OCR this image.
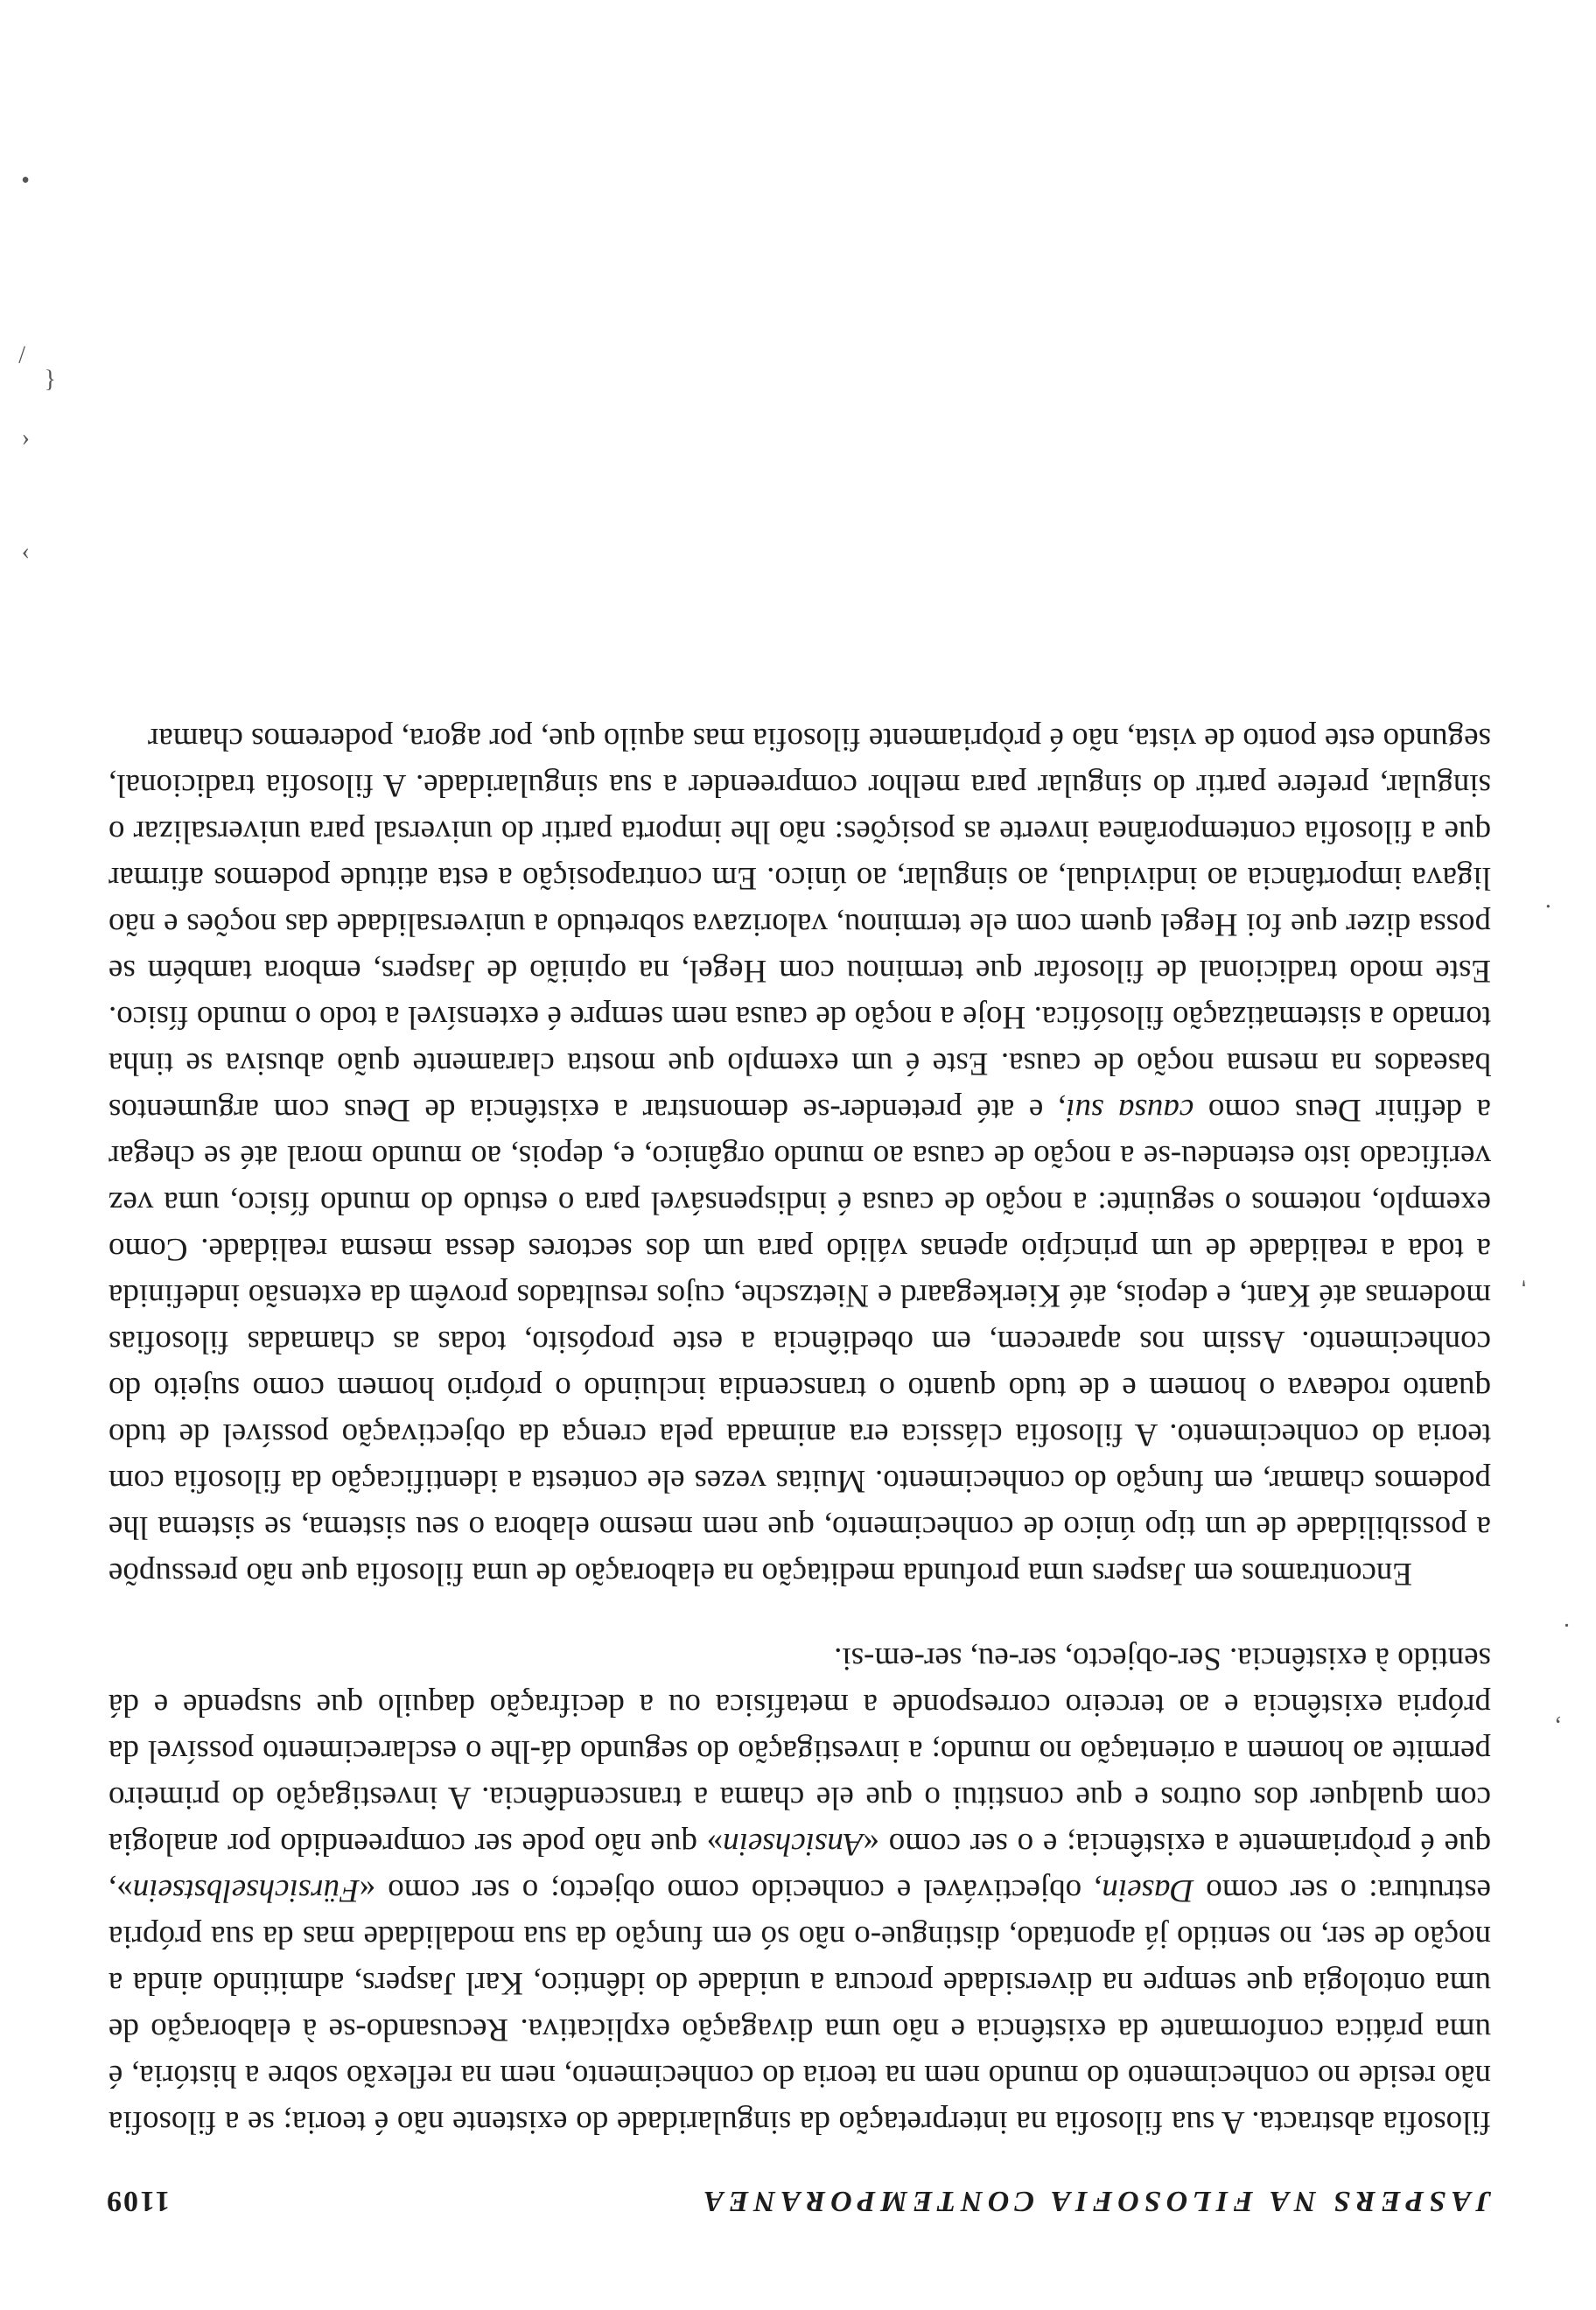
JASPERS NA FILOSOFIA CONTEMPORANEA
1109

filosofia abstracta. A sua filosofia na interpretação da singularidade do existente não é teoria; se a filosofia não reside no conhecimento do mundo nem na teoria do conhecimento, nem na reflexão sobre a história, é uma prática conformante da existência e não uma divagação explicativa. Recusando-se à elaboração de uma ontologia que sempre na diversidade procura a unidade do idêntico, Karl Jaspers, admitindo ainda a noção de ser, no sentido já apontado, distingue-o não só em função da sua modalidade mas da sua própria estrutura: o ser como Dasein, objectivável e conhecido como objecto; o ser como «Fürsichselbstsein», que é pròpriamente a existência; e o ser como «Ansichsein» que não pode ser compreendido por analogia com qualquer dos outros e que constitui o que ele chama a transcendência. A investigação do primeiro permite ao homem a orientação no mundo; a investigação do segundo dá-lhe o esclarecimento possível da própria existência e ao terceiro corresponde a metafísica ou a decifração daquilo que suspende e dá sentido à existência. Ser-objecto, ser-eu, ser-em-si.

Encontramos em Jaspers uma profunda meditação na elaboração de uma filosofia que não pressupõe a possibilidade de um tipo único de conhecimento, que nem mesmo elabora o seu sistema, se sistema lhe podemos chamar, em função do conhecimento. Muitas vezes ele contesta a identificação da filosofia com teoria do conhecimento. A filosofia clássica era animada pela crença da objectivação possível de tudo quanto rodeava o homem e de tudo quanto o transcendia incluindo o próprio homem como sujeito do conhecimento. Assim nos aparecem, em obediência a este propósito, todas as chamadas filosofias modernas até Kant, e depois, até Kierkegaard e Nietzsche, cujos resultados provêm da extensão indefinida a toda a realidade de um princípio apenas válido para um dos sectores dessa mesma realidade. Como exemplo, notemos o seguinte: a noção de causa é indispensável para o estudo do mundo físico, uma vez verificado isto estendeu-se a noção de causa ao mundo orgânico, e, depois, ao mundo moral até se chegar a definir Deus como causa sui, e até pretender-se demonstrar a existência de Deus com argumentos baseados na mesma noção de causa. Este é um exemplo que mostra claramente quão abusiva se tinha tornado a sistematização filosófica. Hoje a noção de causa nem sempre é extensível a todo o mundo físico. Este modo tradicional de filosofar que terminou com Hegel, na opinião de Jaspers, embora também se possa dizer que foi Hegel quem com ele terminou, valorizava sobretudo a universalidade das noções e não ligava importância ao individual, ao singular, ao único. Em contraposição a esta atitude podemos afirmar que a filosofia contemporânea inverte as posições: não lhe importa partir do universal para universalizar o singular, prefere partir do singular para melhor compreender a sua singularidade. A filosofia tradicional, segundo este ponto de vista, não é pròpriamente filosofia mas aquilo que, por agora, poderemos chamar

,
.
·
'
›
‹
{
/
•
